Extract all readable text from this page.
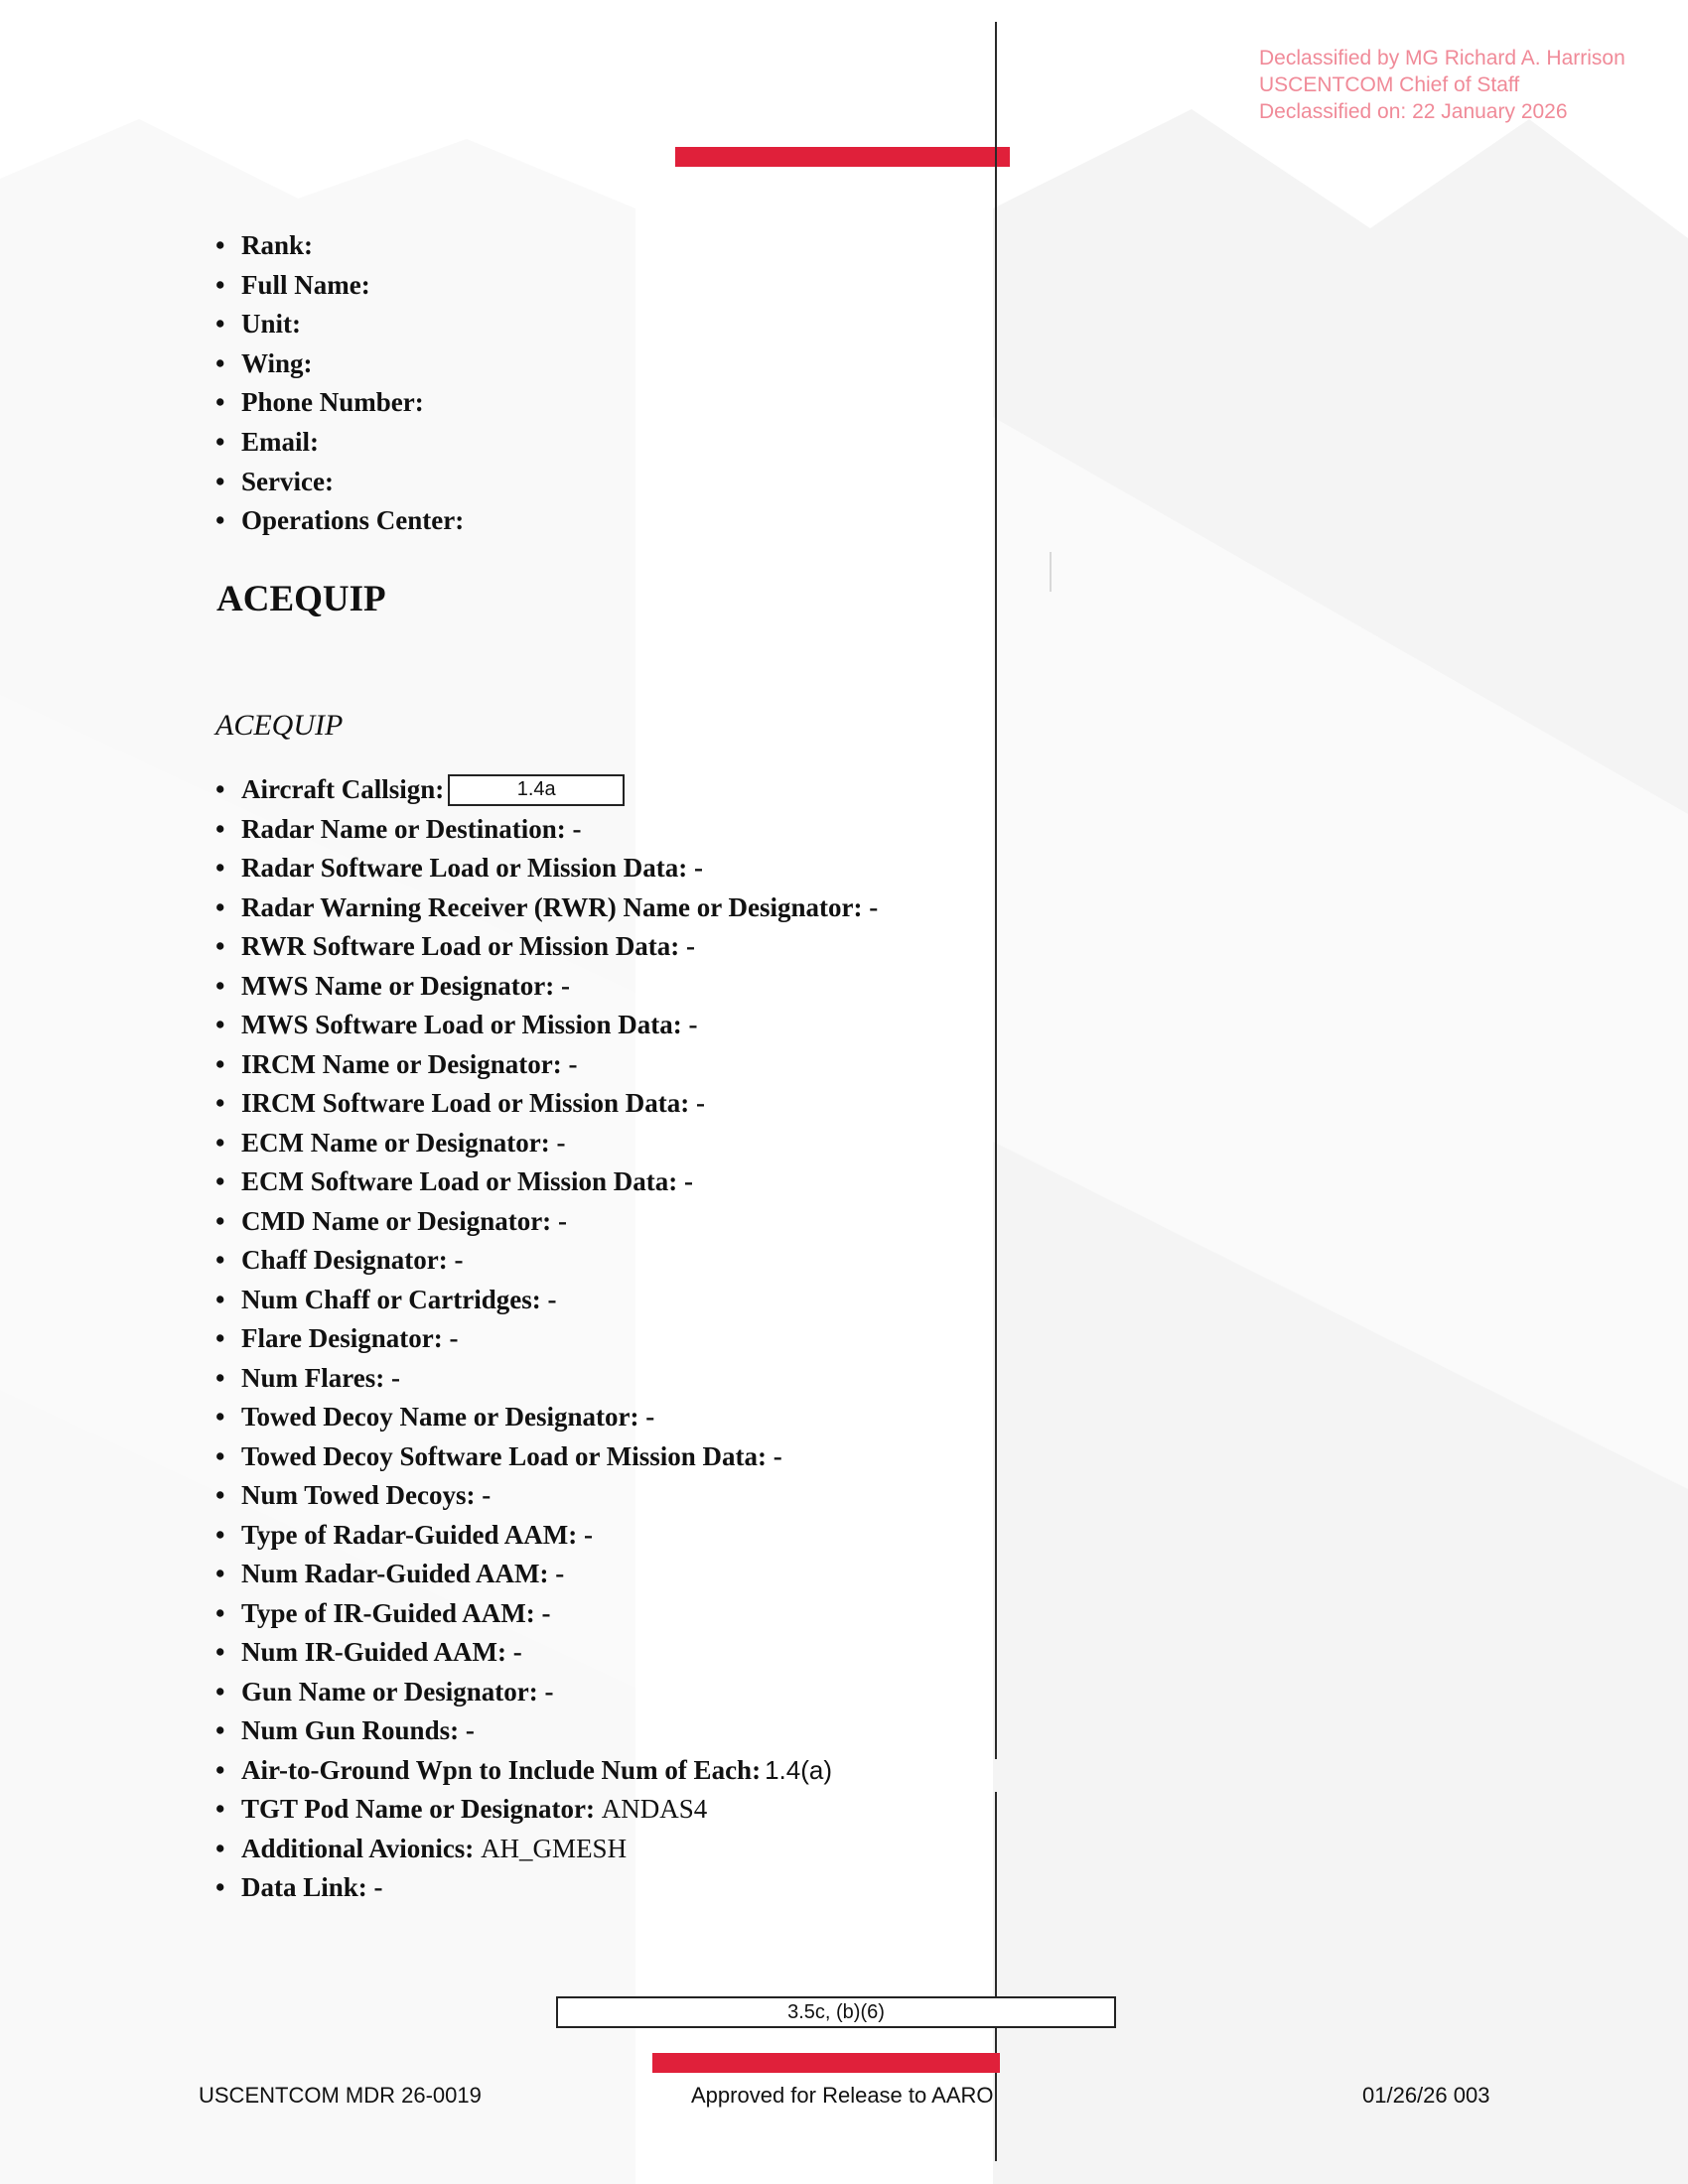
Declassified by MG Richard A. Harrison
USCENTCOM Chief of Staff
Declassified on: 22 January 2026
• Rank:
• Full Name:
• Unit:
• Wing:
• Phone Number:
• Email:
• Service:
• Operations Center:
ACEQUIP
ACEQUIP
• Aircraft Callsign:	1.4a
• Radar Name or Destination: -
• Radar Software Load or Mission Data: -
• Radar Warning Receiver (RWR) Name or Designator: -
• RWR Software Load or Mission Data: -
• MWS Name or Designator: -
• MWS Software Load or Mission Data: -
• IRCM Name or Designator: -
• IRCM Software Load or Mission Data: -
• ECM Name or Designator: -
• ECM Software Load or Mission Data: -
• CMD Name or Designator: -
• Chaff Designator: -
• Num Chaff or Cartridges: -
• Flare Designator: -
• Num Flares: -
• Towed Decoy Name or Designator: -
• Towed Decoy Software Load or Mission Data: -
• Num Towed Decoys: -
• Type of Radar-Guided AAM: -
• Num Radar-Guided AAM: -
• Type of IR-Guided AAM: -
• Num IR-Guided AAM: -
• Gun Name or Designator: -
• Num Gun Rounds: -
• Air-to-Ground Wpn to Include Num of Each: 1.4(a)
• TGT Pod Name or Designator: ANDAS4
• Additional Avionics: AH_GMESH
• Data Link: -
3.5c, (b)(6)
USCENTCOM MDR 26-0019	Approved for Release to AARO	01/26/26 003
